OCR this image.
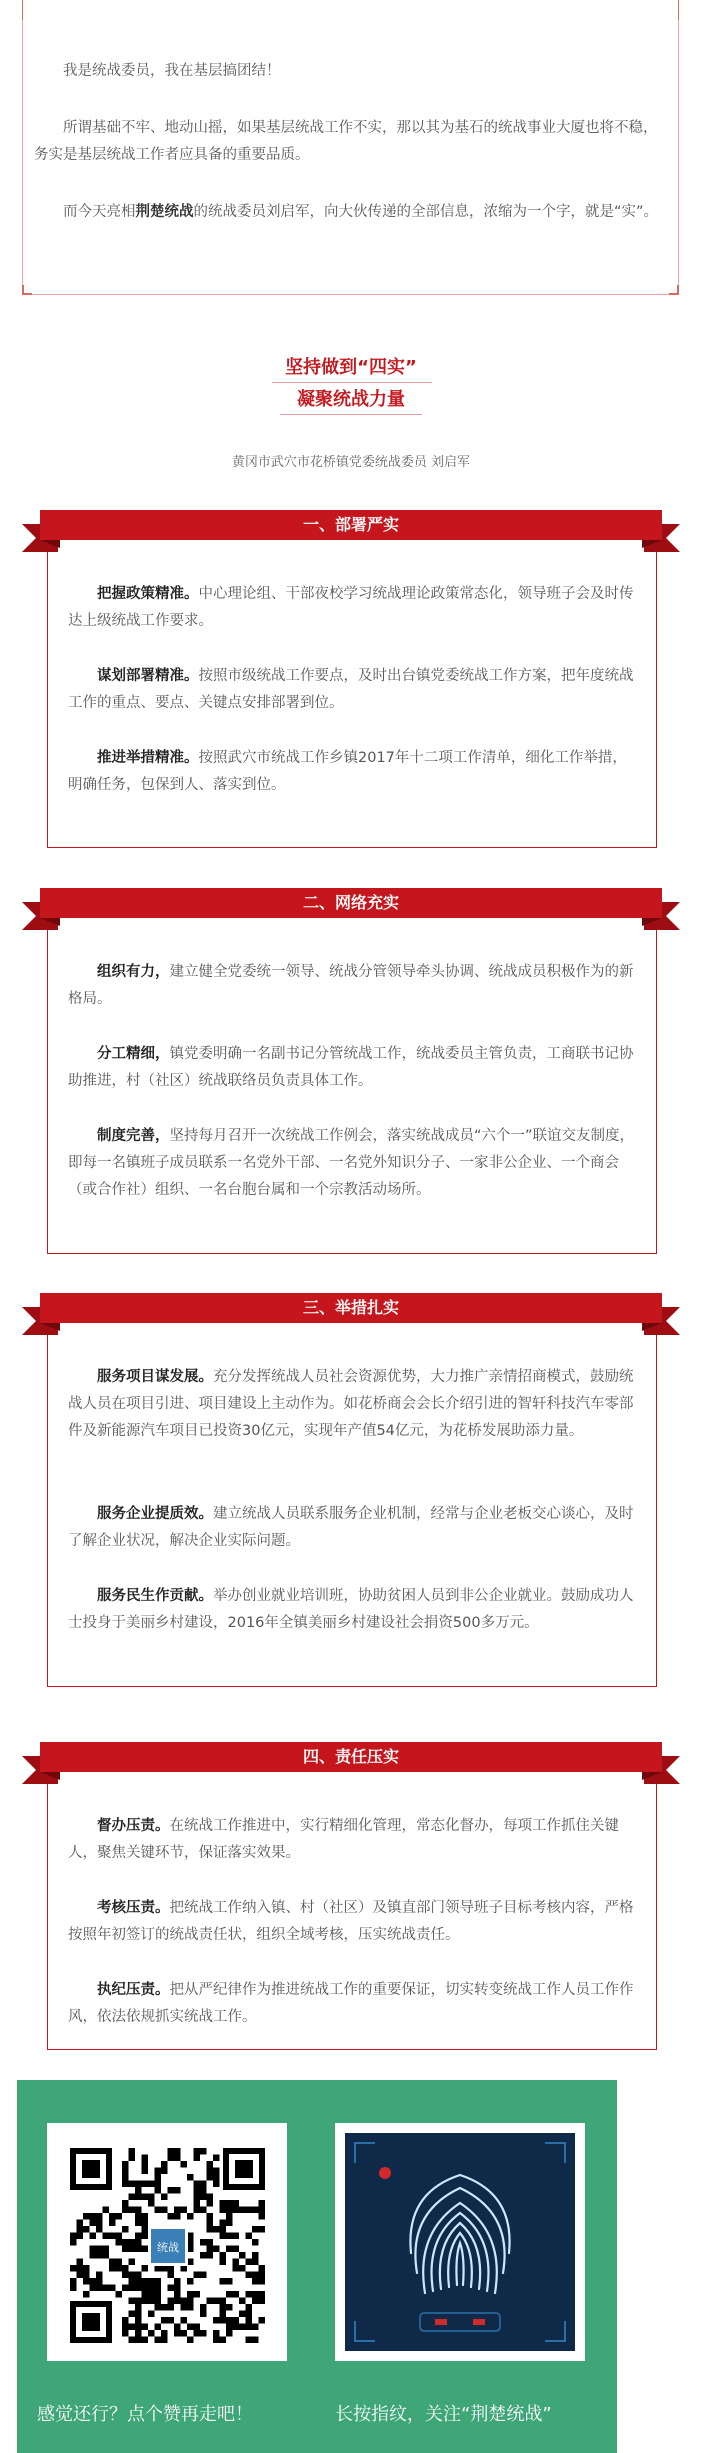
我是统战委员，我在基层搞团结！

所谓基础不牢、地动山摇，如果基层统战工作不实，那以其为基石的统战事业大厦也将不稳，务实是基层统战工作者应具备的重要品质。

而今天亮相荆楚统战的统战委员刘启军，向大伙传递的全部信息，浓缩为一个字，就是“实”。

坚持做到“四实”
凝聚统战力量
黄冈市武穴市花桥镇党委统战委员 刘启军

把握政策精准。中心理论组、干部夜校学习统战理论政策常态化，领导班子会及时传达上级统战工作要求。

谋划部署精准。按照市级统战工作要点，及时出台镇党委统战工作方案，把年度统战工作的重点、要点、关键点安排部署到位。

推进举措精准。按照武穴市统战工作乡镇2017年十二项工作清单，细化工作举措，明确任务，包保到人、落实到位。

一、部署严实

组织有力，建立健全党委统一领导、统战分管领导牵头协调、统战成员积极作为的新格局。

分工精细，镇党委明确一名副书记分管统战工作，统战委员主管负责，工商联书记协助推进，村（社区）统战联络员负责具体工作。

制度完善，坚持每月召开一次统战工作例会，落实统战成员“六个一”联谊交友制度，即每一名镇班子成员联系一名党外干部、一名党外知识分子、一家非公企业、一个商会（或合作社）组织、一名台胞台属和一个宗教活动场所。

二、网络充实

服务项目谋发展。充分发挥统战人员社会资源优势，大力推广亲情招商模式，鼓励统战人员在项目引进、项目建设上主动作为。如花桥商会会长介绍引进的智轩科技汽车零部件及新能源汽车项目已投资30亿元，实现年产值54亿元，为花桥发展助添力量。

服务企业提质效。建立统战人员联系服务企业机制，经常与企业老板交心谈心，及时了解企业状况，解决企业实际问题。

服务民生作贡献。举办创业就业培训班，协助贫困人员到非公企业就业。鼓励成功人士投身于美丽乡村建设，2016年全镇美丽乡村建设社会捐资500多万元。

三、举措扎实

督办压责。在统战工作推进中，实行精细化管理，常态化督办，每项工作抓住关键人，聚焦关键环节，保证落实效果。

考核压责。把统战工作纳入镇、村（社区）及镇直部门领导班子目标考核内容，严格按照年初签订的统战责任状，组织全域考核，压实统战责任。

执纪压责。把从严纪律作为推进统战工作的重要保证，切实转变统战工作人员工作作风，依法依规抓实统战工作。

四、责任压实
统战
感觉还行？点个赞再走吧！	长按指纹，关注“荆楚统战”
